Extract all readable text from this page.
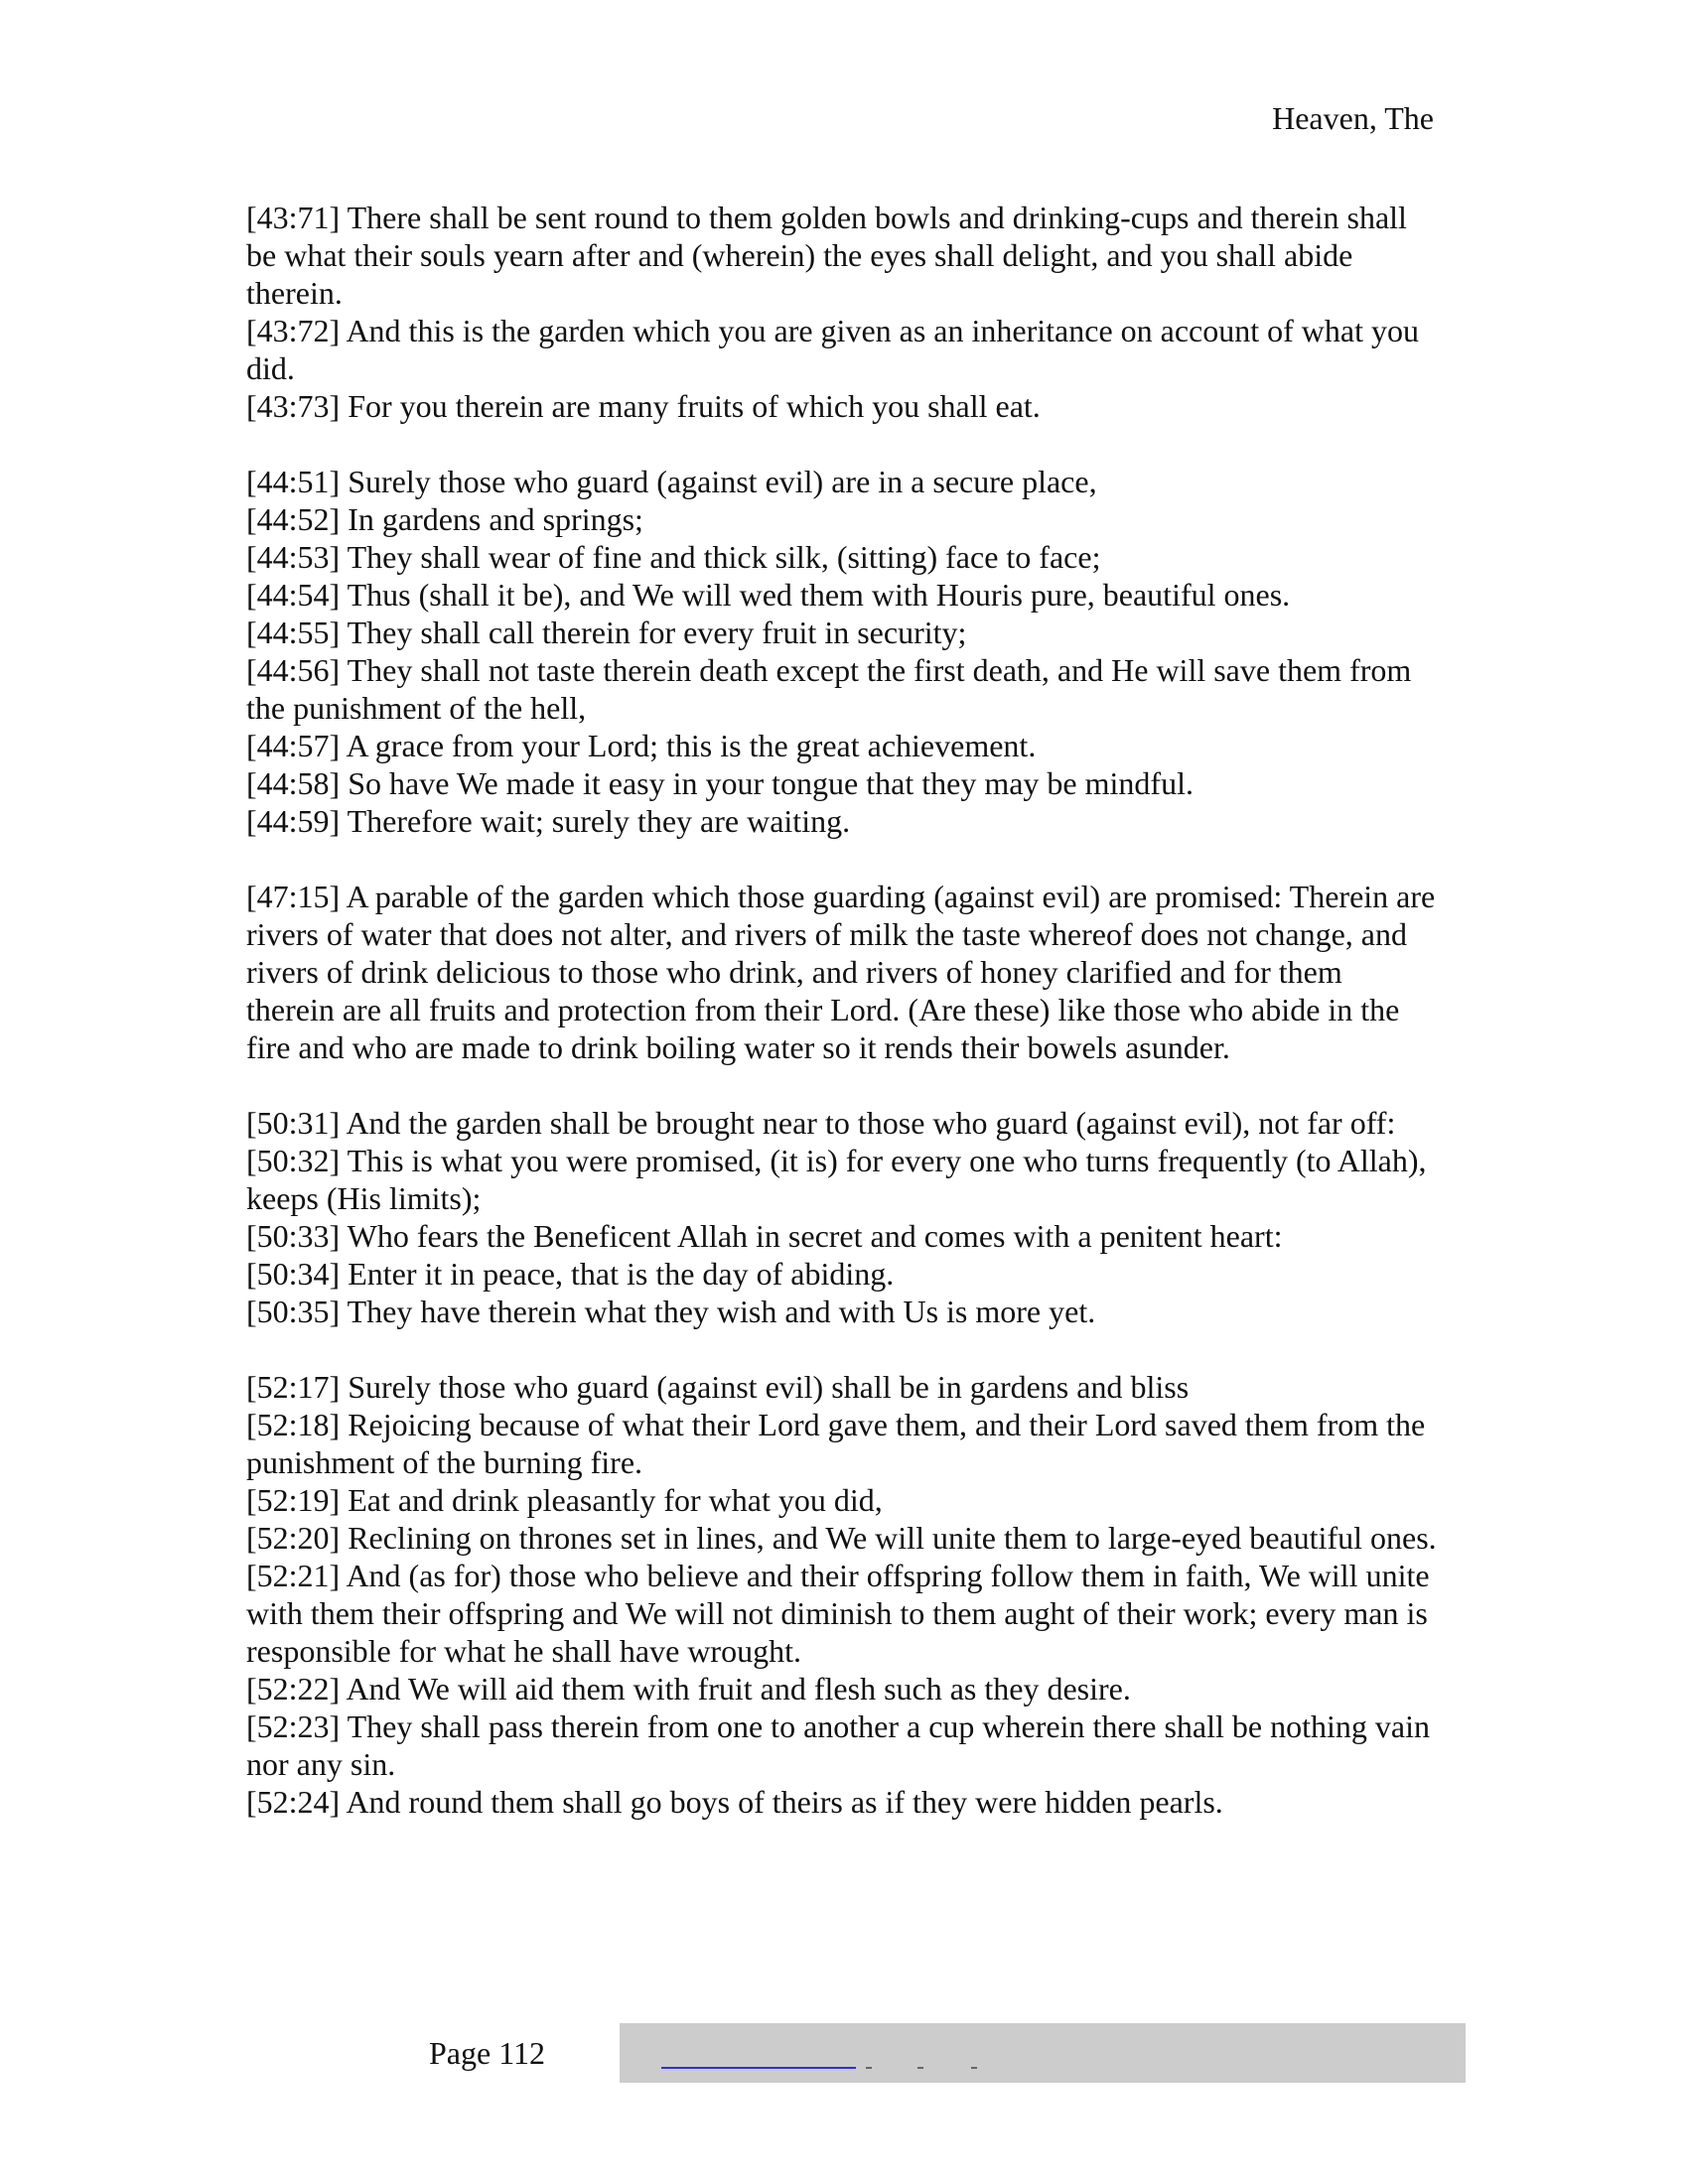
Heaven, The

[43:71] There shall be sent round to them golden bowls and drinking-cups and therein shall be what their souls yearn after and (wherein) the eyes shall delight, and you shall abide therein.

[43:72] And this is the garden which you are given as an inheritance on account of what you did.

[43:73] For you therein are many fruits of which you shall eat.

[44:51] Surely those who guard (against evil) are in a secure place,

[44:52] In gardens and springs;

[44:53] They shall wear of fine and thick silk, (sitting) face to face;

[44:54] Thus (shall it be), and We will wed them with Houris pure, beautiful ones.

[44:55] They shall call therein for every fruit in security;

[44:56] They shall not taste therein death except the first death, and He will save them from the punishment of the hell,

[44:57] A grace from your Lord; this is the great achievement.

[44:58] So have We made it easy in your tongue that they may be mindful.

[44:59] Therefore wait; surely they are waiting.

[47:15] A parable of the garden which those guarding (against evil) are promised: Therein are rivers of water that does not alter, and rivers of milk the taste whereof does not change, and rivers of drink delicious to those who drink, and rivers of honey clarified and for them therein are all fruits and protection from their Lord. (Are these) like those who abide in the fire and who are made to drink boiling water so it rends their bowels asunder.

[50:31] And the garden shall be brought near to those who guard (against evil), not far off:

[50:32] This is what you were promised, (it is) for every one who turns frequently (to Allah), keeps (His limits);

[50:33] Who fears the Beneficent Allah in secret and comes with a penitent heart:

[50:34] Enter it in peace, that is the day of abiding.

[50:35] They have therein what they wish and with Us is more yet.

[52:17] Surely those who guard (against evil) shall be in gardens and bliss

[52:18] Rejoicing because of what their Lord gave them, and their Lord saved them from the punishment of the burning fire.

[52:19] Eat and drink pleasantly for what you did,

[52:20] Reclining on thrones set in lines, and We will unite them to large-eyed beautiful ones.

[52:21] And (as for) those who believe and their offspring follow them in faith, We will unite with them their offspring and We will not diminish to them aught of their work; every man is responsible for what he shall have wrought.

[52:22] And We will aid them with fruit and flesh such as they desire.

[52:23] They shall pass therein from one to another a cup wherein there shall be nothing vain nor any sin.

[52:24] And round them shall go boys of theirs as if they were hidden pearls.

Page 112
